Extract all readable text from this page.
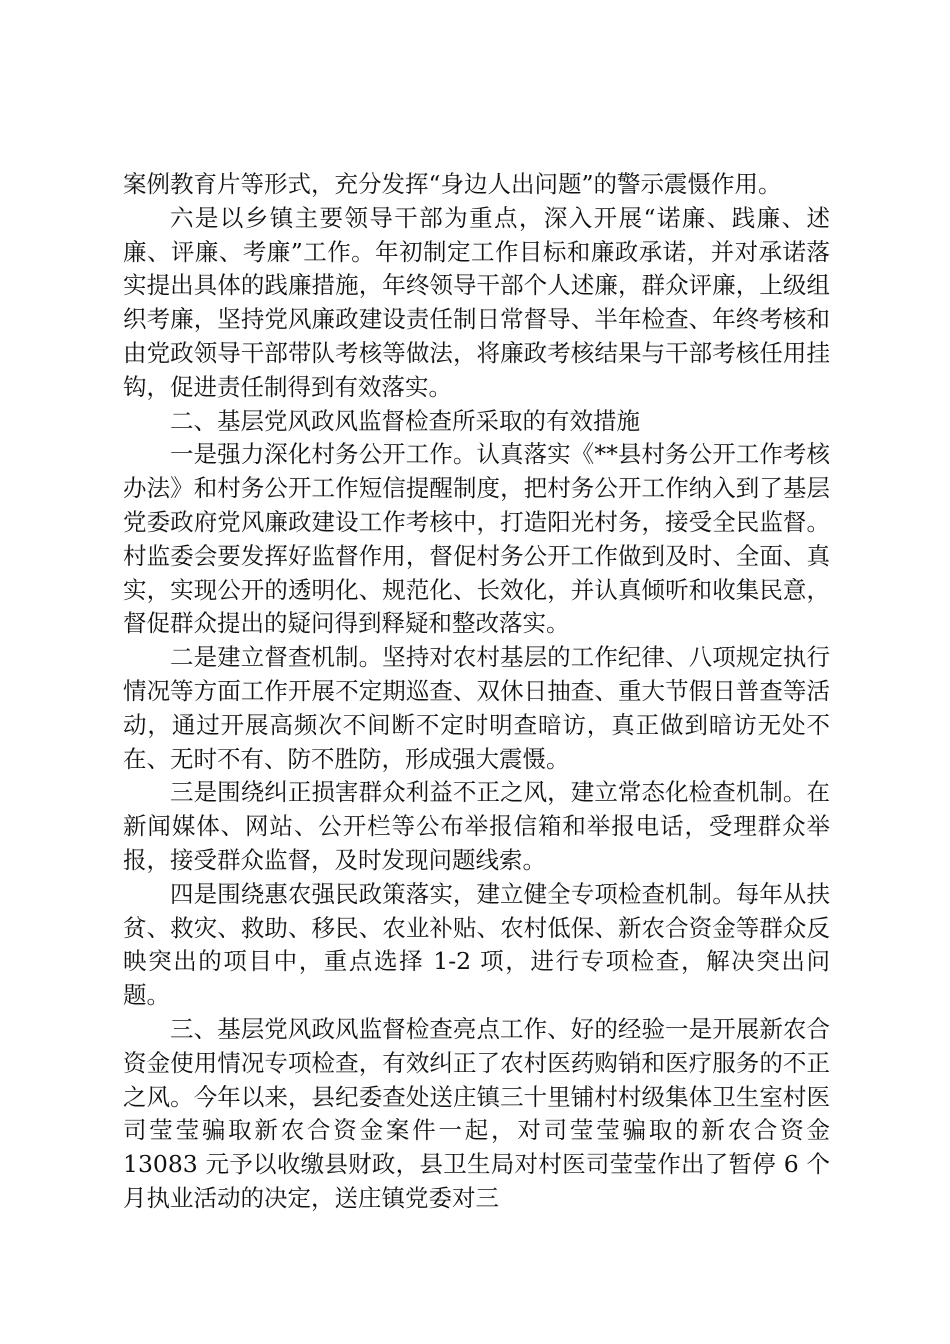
案例教育片等形式，充分发挥“身边人出问题”的警示震慑作用。

六是以乡镇主要领导干部为重点，深入开展“诺廉、践廉、述廉、评廉、考廉”工作。年初制定工作目标和廉政承诺，并对承诺落实提出具体的践廉措施，年终领导干部个人述廉，群众评廉，上级组织考廉，坚持党风廉政建设责任制日常督导、半年检查、年终考核和由党政领导干部带队考核等做法，将廉政考核结果与干部考核任用挂钩，促进责任制得到有效落实。

二、基层党风政风监督检查所采取的有效措施

一是强力深化村务公开工作。认真落实《**县村务公开工作考核办法》和村务公开工作短信提醒制度，把村务公开工作纳入到了基层党委政府党风廉政建设工作考核中，打造阳光村务，接受全民监督。村监委会要发挥好监督作用，督促村务公开工作做到及时、全面、真实，实现公开的透明化、规范化、长效化，并认真倾听和收集民意，督促群众提出的疑问得到释疑和整改落实。

二是建立督查机制。坚持对农村基层的工作纪律、八项规定执行情况等方面工作开展不定期巡查、双休日抽查、重大节假日普查等活动，通过开展高频次不间断不定时明查暗访，真正做到暗访无处不在、无时不有、防不胜防，形成强大震慑。

三是围绕纠正损害群众利益不正之风，建立常态化检查机制。在新闻媒体、网站、公开栏等公布举报信箱和举报电话，受理群众举报，接受群众监督，及时发现问题线索。

四是围绕惠农强民政策落实，建立健全专项检查机制。每年从扶贫、救灾、救助、移民、农业补贴、农村低保、新农合资金等群众反映突出的项目中，重点选择 1-2 项，进行专项检查，解决突出问题。

三、基层党风政风监督检查亮点工作、好的经验一是开展新农合资金使用情况专项检查，有效纠正了农村医药购销和医疗服务的不正之风。今年以来，县纪委查处送庄镇三十里铺村村级集体卫生室村医司莹莹骗取新农合资金案件一起，对司莹莹骗取的新农合资金 13083 元予以收缴县财政，县卫生局对村医司莹莹作出了暂停 6 个月执业活动的决定，送庄镇党委对三
